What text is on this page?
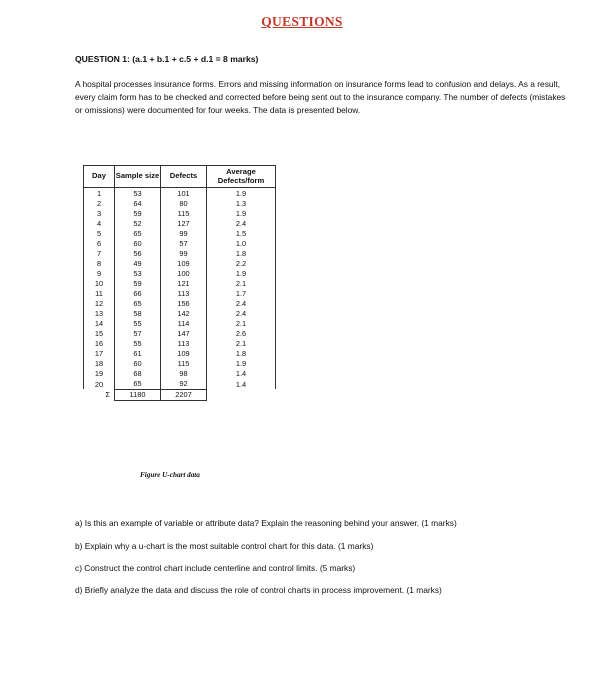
QUESTIONS
QUESTION 1: (a.1 + b.1 + c.5 + d.1 = 8 marks)
A hospital processes insurance forms. Errors and missing information on insurance forms lead to confusion and delays. As a result, every claim form has to be checked and corrected before being sent out to the insurance company. The number of defects (mistakes or omissions) were documented for four weeks. The data is presented below.
Day	Sample size	Defects	Average Defects/form
1	53	101	1.9
2	64	80	1.3
3	59	115	1.9
4	52	127	2.4
5	65	99	1.5
6	60	57	1.0
7	56	99	1.8
8	49	109	2.2
9	53	100	1.9
10	59	121	2.1
11	66	113	1.7
12	65	156	2.4
13	58	142	2.4
14	55	114	2.1
15	57	147	2.6
16	55	113	2.1
17	61	109	1.8
18	60	115	1.9
19	68	98	1.4
20	65	92	1.4
Σ	1180	2207	
Figure U-chart data
a) Is this an example of variable or attribute data? Explain the reasoning behind your answer. (1 marks)
b) Explain why a u-chart is the most suitable control chart for this data. (1 marks)
c) Construct the control chart include centerline and control limits. (5 marks)
d) Briefly analyze the data and discuss the role of control charts in process improvement. (1 marks)
